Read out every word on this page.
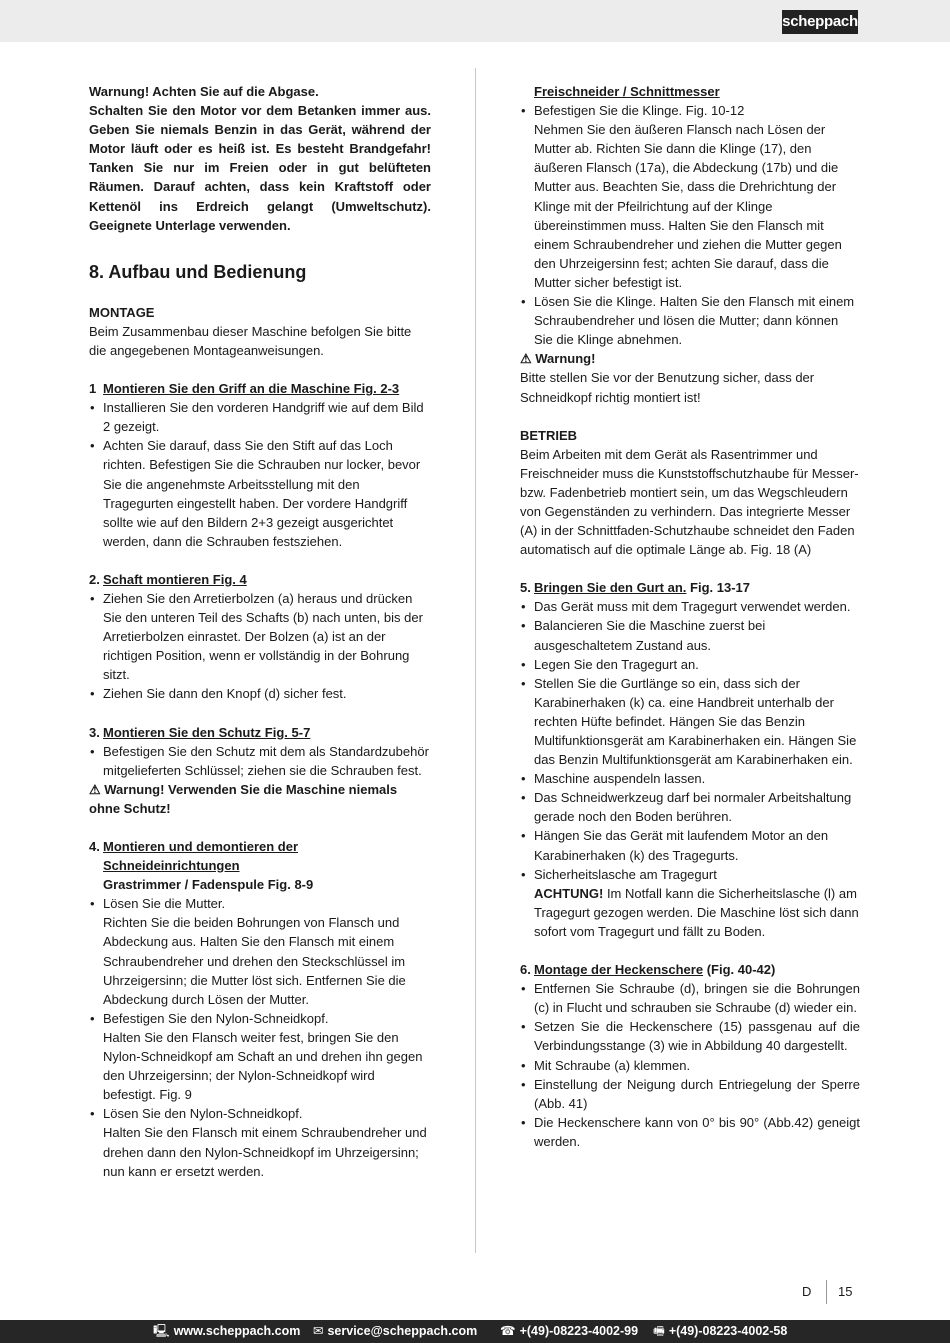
scheppach

Warnung! Achten Sie auf die Abgase.

Schalten Sie den Motor vor dem Betanken immer aus. Geben Sie niemals Benzin in das Gerät, während der Motor läuft oder es heiß ist. Es besteht Brandgefahr! Tanken Sie nur im Freien oder in gut belüfteten Räumen. Darauf achten, dass kein Kraftstoff oder Kettenöl ins Erdreich gelangt (Umweltschutz). Geeignete Unterlage verwenden.

8. Aufbau und Bedienung

MONTAGE

Beim Zusammenbau dieser Maschine befolgen Sie bitte die angegebenen Montageanweisungen.

1 Montieren Sie den Griff an die Maschine Fig. 2-3
• Installieren Sie den vorderen Handgriff wie auf dem Bild 2 gezeigt.
• Achten Sie darauf, dass Sie den Stift auf das Loch richten. Befestigen Sie die Schrauben nur locker, bevor Sie die angenehmste Arbeitsstellung mit den Tragegurten eingestellt haben. Der vordere Handgriff sollte wie auf den Bildern 2+3 gezeigt ausgerichtet werden, dann die Schrauben festsziehen.
2. Schaft montieren Fig. 4
• Ziehen Sie den Arretierbolzen (a) heraus und drücken Sie den unteren Teil des Schafts (b) nach unten, bis der Arretierbolzen einrastet. Der Bolzen (a) ist an der richtigen Position, wenn er vollständig in der Bohrung sitzt.
• Ziehen Sie dann den Knopf (d) sicher fest.
3. Montieren Sie den Schutz Fig. 5-7
• Befestigen Sie den Schutz mit dem als Standardzubehör mitgelieferten Schlüssel; ziehen sie die Schrauben fest.

⚠ Warnung! Verwenden Sie die Maschine niemals ohne Schutz!

4. Montieren und demontieren der Schneideinrichtungen

Grastrimmer / Fadenspule Fig. 8-9

• Lösen Sie die Mutter.
Richten Sie die beiden Bohrungen von Flansch und Abdeckung aus. Halten Sie den Flansch mit einem Schraubendreher und drehen den Steckschlüssel im Uhrzeigersinn; die Mutter löst sich. Entfernen Sie die Abdeckung durch Lösen der Mutter.
• Befestigen Sie den Nylon-Schneidkopf.
Halten Sie den Flansch weiter fest, bringen Sie den Nylon-Schneidkopf am Schaft an und drehen ihn gegen den Uhrzeigersinn; der Nylon-Schneidkopf wird befestigt. Fig. 9
• Lösen Sie den Nylon-Schneidkopf.
Halten Sie den Flansch mit einem Schraubendreher und drehen dann den Nylon-Schneidkopf im Uhrzeigersinn; nun kann er ersetzt werden.

Freischneider / Schnittmesser

• Befestigen Sie die Klinge. Fig. 10-12
Nehmen Sie den äußeren Flansch nach Lösen der Mutter ab. Richten Sie dann die Klinge (17), den äußeren Flansch (17a), die Abdeckung (17b) und die Mutter aus. Beachten Sie, dass die Drehrichtung der Klinge mit der Pfeilrichtung auf der Klinge übereinstimmen muss. Halten Sie den Flansch mit einem Schraubendreher und ziehen die Mutter gegen den Uhrzeigersinn fest; achten Sie darauf, dass die Mutter sicher befestigt ist.
• Lösen Sie die Klinge. Halten Sie den Flansch mit einem Schraubendreher und lösen die Mutter; dann können Sie die Klinge abnehmen.

⚠ Warnung!

Bitte stellen Sie vor der Benutzung sicher, dass der Schneidkopf richtig montiert ist!

BETRIEB

Beim Arbeiten mit dem Gerät als Rasentrimmer und Freischneider muss die Kunststoffschutzhaube für Messer- bzw. Fadenbetrieb montiert sein, um das Wegschleudern von Gegenständen zu verhindern. Das integrierte Messer (A) in der Schnittfaden-Schutzhaube schneidet den Faden automatisch auf die optimale Länge ab. Fig. 18 (A)

5. Bringen Sie den Gurt an. Fig. 13-17
• Das Gerät muss mit dem Tragegurt verwendet werden.
• Balancieren Sie die Maschine zuerst bei ausgeschaltetem Zustand aus.
• Legen Sie den Tragegurt an.
• Stellen Sie die Gurtlänge so ein, dass sich der Karabinerhaken (k) ca. eine Handbreit unterhalb der rechten Hüfte befindet. Hängen Sie das Benzin Multifunktionsgerät am Karabinerhaken ein. Hängen Sie das Benzin Multifunktionsgerät am Karabinerhaken ein.
• Maschine auspendeln lassen.
• Das Schneidwerkzeug darf bei normaler Arbeitshaltung gerade noch den Boden berühren.
• Hängen Sie das Gerät mit laufendem Motor an den Karabinerhaken (k) des Tragegurts.
• Sicherheitslasche am Tragegurt
ACHTUNG! Im Notfall kann die Sicherheitslasche (l) am Tragegurt gezogen werden. Die Maschine löst sich dann sofort vom Tragegurt und fällt zu Boden.
6. Montage der Heckenschere (Fig. 40-42)
• Entfernen Sie Schraube (d), bringen sie die Bohrungen (c) in Flucht und schrauben sie Schraube (d) wieder ein.
• Setzen Sie die Heckenschere (15) passgenau auf die Verbindungsstange (3) wie in Abbildung 40 dargestellt.
• Mit Schraube (a) klemmen.
• Einstellung der Neigung durch Entriegelung der Sperre (Abb. 41)
• Die Heckenschere kann von 0° bis 90° (Abb.42) geneigt werden.
D 15
🖳 www.scheppach.com ✉ service@scheppach.com ☎ +(49)-08223-4002-99 🖷 +(49)-08223-4002-58
